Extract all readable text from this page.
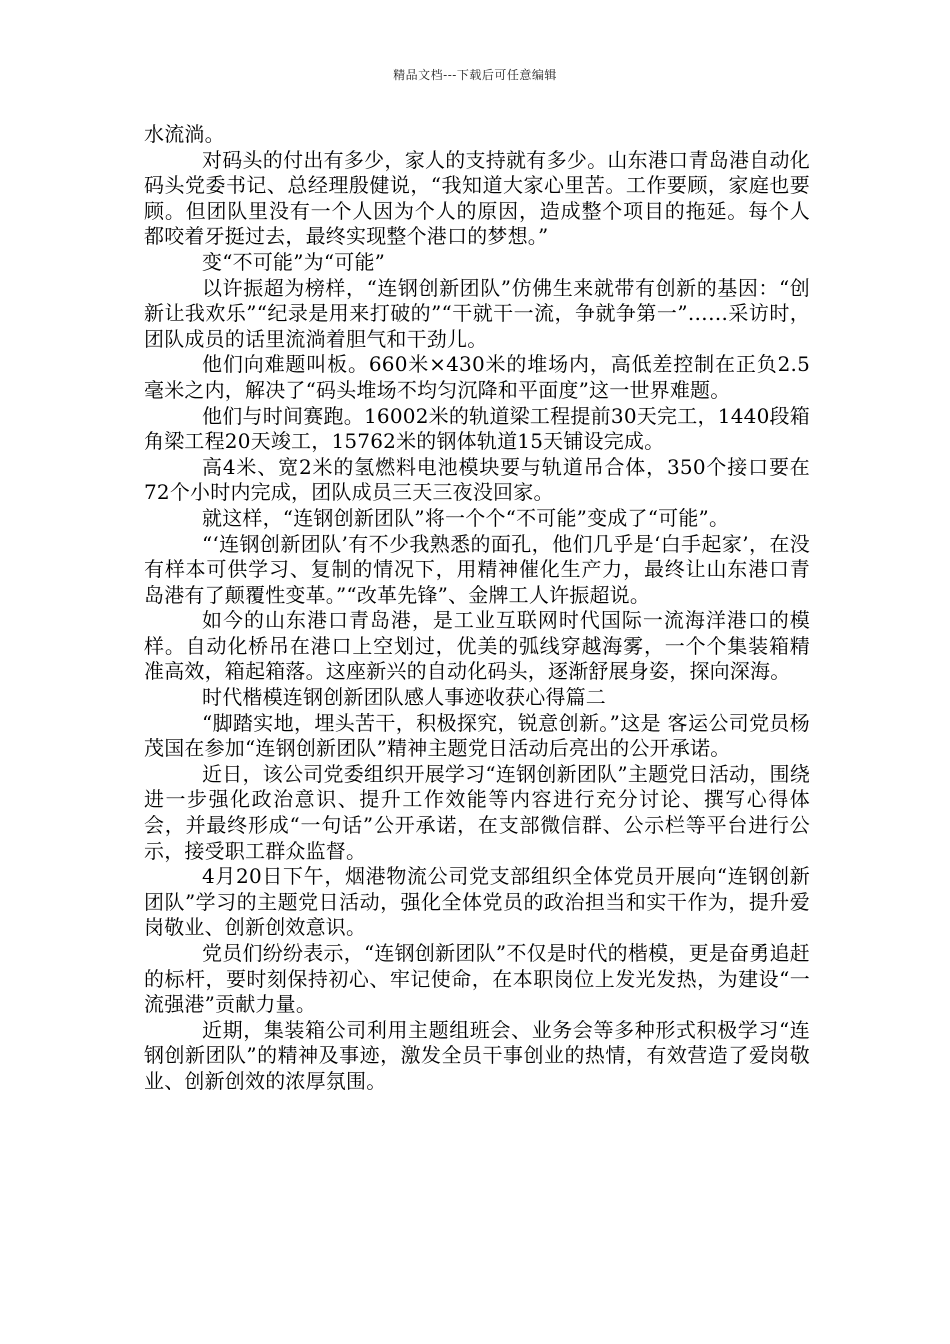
精品文档---下载后可任意编辑

水流淌。

对码头的付出有多少，家人的支持就有多少。山东港口青岛港自动化码头党委书记、总经理殷健说，“我知道大家心里苦。工作要顾，家庭也要顾。但团队里没有一个人因为个人的原因，造成整个项目的拖延。每个人都咬着牙挺过去，最终实现整个港口的梦想。”

变“不可能”为“可能”

以许振超为榜样，“连钢创新团队”仿佛生来就带有创新的基因：“创新让我欢乐”“纪录是用来打破的”“干就干一流，争就争第一”……采访时，团队成员的话里流淌着胆气和干劲儿。

他们向难题叫板。660米×430米的堆场内，高低差控制在正负2.5毫米之内，解决了“码头堆场不均匀沉降和平面度”这一世界难题。

他们与时间赛跑。16002米的轨道梁工程提前30天完工，1440段箱角梁工程20天竣工，15762米的钢体轨道15天铺设完成。

高4米、宽2米的氢燃料电池模块要与轨道吊合体，350个接口要在72个小时内完成，团队成员三天三夜没回家。

就这样，“连钢创新团队”将一个个“不可能”变成了“可能”。

“‘连钢创新团队’有不少我熟悉的面孔，他们几乎是‘白手起家’，在没有样本可供学习、复制的情况下，用精神催化生产力，最终让山东港口青岛港有了颠覆性变革。”“改革先锋”、金牌工人许振超说。

如今的山东港口青岛港，是工业互联网时代国际一流海洋港口的模样。自动化桥吊在港口上空划过，优美的弧线穿越海雾，一个个集装箱精准高效，箱起箱落。这座新兴的自动化码头，逐渐舒展身姿，探向深海。

时代楷模连钢创新团队感人事迹收获心得篇二

“脚踏实地，埋头苦干，积极探究，锐意创新。”这是 客运公司党员杨茂国在参加“连钢创新团队”精神主题党日活动后亮出的公开承诺。

近日，该公司党委组织开展学习“连钢创新团队”主题党日活动，围绕进一步强化政治意识、提升工作效能等内容进行充分讨论、撰写心得体会，并最终形成“一句话”公开承诺，在支部微信群、公示栏等平台进行公示，接受职工群众监督。

4月20日下午，烟港物流公司党支部组织全体党员开展向“连钢创新团队”学习的主题党日活动，强化全体党员的政治担当和实干作为，提升爱岗敬业、创新创效意识。

党员们纷纷表示，“连钢创新团队”不仅是时代的楷模，更是奋勇追赶的标杆，要时刻保持初心、牢记使命，在本职岗位上发光发热，为建设“一流强港”贡献力量。

近期，集装箱公司利用主题组班会、业务会等多种形式积极学习“连钢创新团队”的精神及事迹，激发全员干事创业的热情，有效营造了爱岗敬业、创新创效的浓厚氛围。
